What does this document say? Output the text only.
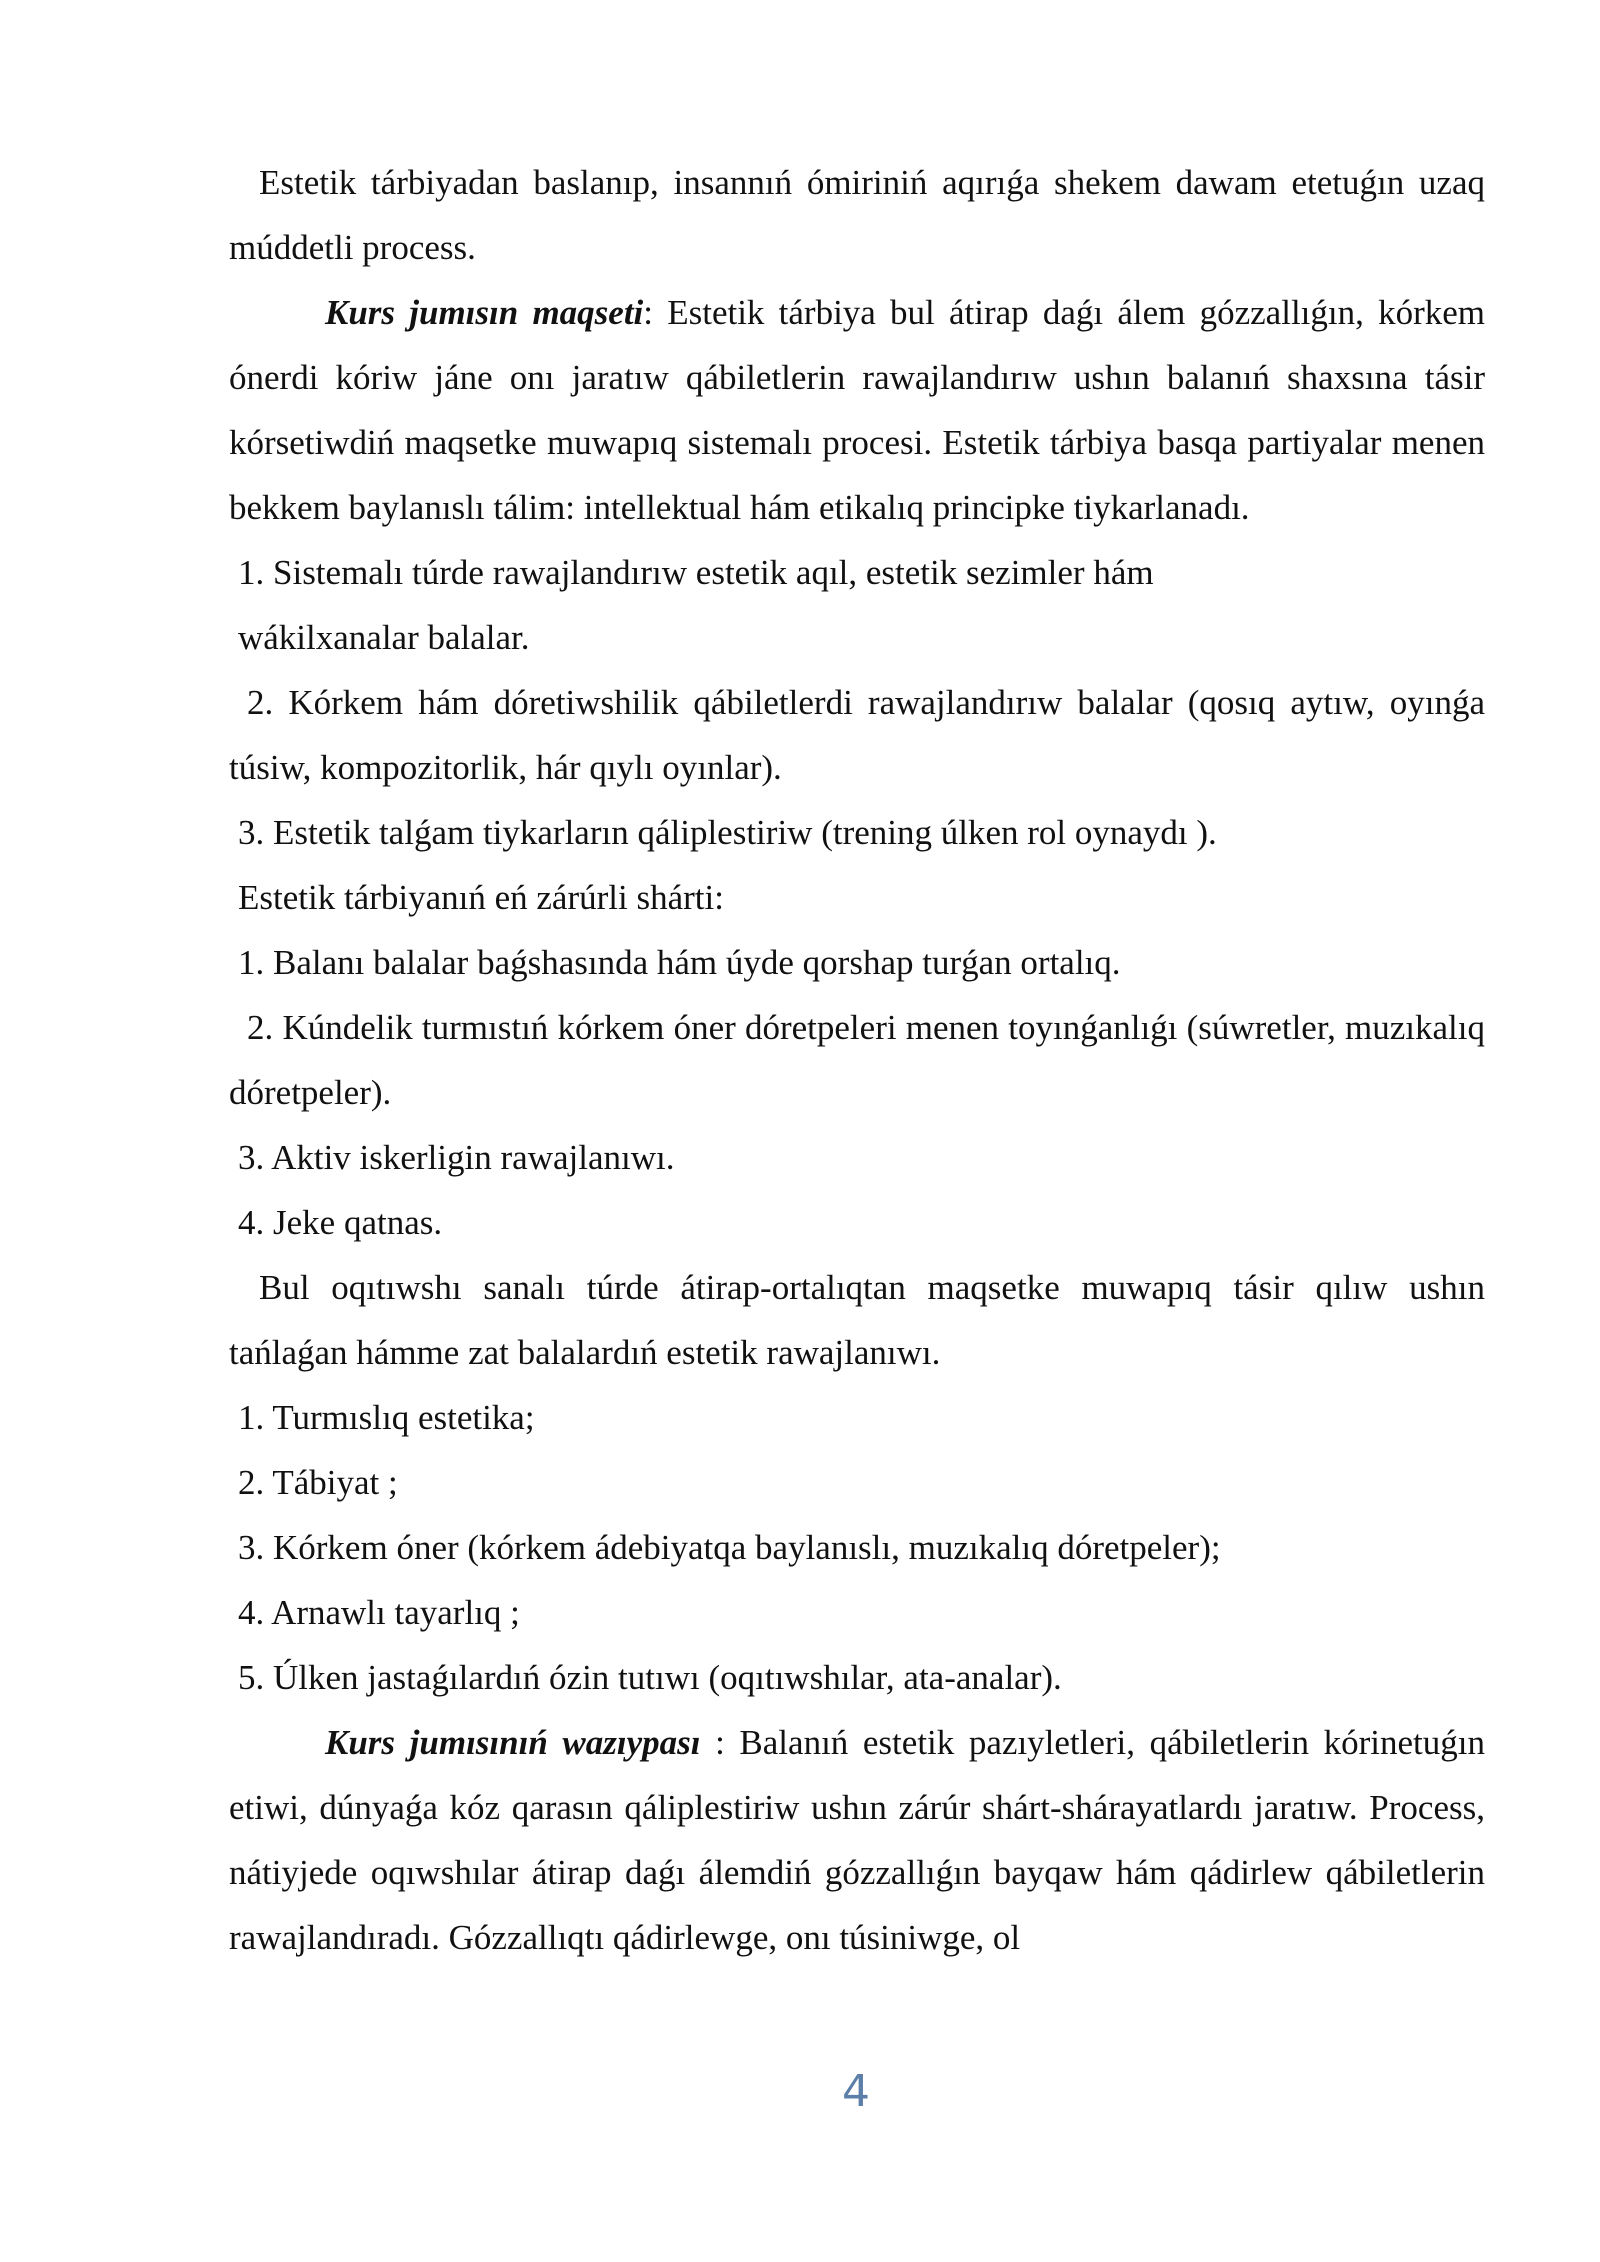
Estetik tárbiyadan baslanıp, insannıń ómiriniń aqırıǵa shekem dawam etetuǵın uzaq múddetli process.

Kurs jumısın maqseti: Estetik tárbiya bul átirap daǵı álem gózzallıǵın, kórkem ónerdi kóriw jáne onı jaratıw qábiletlerin rawajlandırıw ushın balanıń shaxsına tásir kórsetiwdiń maqsetke muwapıq sistemalı procesi. Estetik tárbiya basqa partiyalar menen bekkem baylanıslı tálim: intellektual hám etikalıq principke tiykarlanadı.

1. Sistemalı túrde rawajlandırıw estetik aqıl, estetik sezimler hám

wákilxanalar balalar.

2. Kórkem hám dóretiwshilik qábiletlerdi rawajlandırıw balalar (qosıq aytıw, oyınǵa túsiw, kompozitorlik, hár qıylı oyınlar).

3. Estetik talǵam tiykarların qáliplestiriw (trening úlken rol oynaydı ).

Estetik tárbiyanıń eń zárúrli shárti:

1. Balanı balalar baǵshasında hám úyde qorshap turǵan ortalıq.

2. Kúndelik turmıstıń kórkem óner dóretpeleri menen toyınǵanlıǵı (súwretler, muzıkalıq dóretpeler).

3. Aktiv iskerligin rawajlanıwı.

4. Jeke qatnas.

Bul oqıtıwshı sanalı túrde átirap-ortalıqtan maqsetke muwapıq tásir qılıw ushın tańlaǵan hámme zat balalardıń estetik rawajlanıwı.

1. Turmıslıq estetika;

2. Tábiyat ;

3. Kórkem óner (kórkem ádebiyatqa baylanıslı, muzıkalıq dóretpeler);

4. Arnawlı tayarlıq ;

5. Úlken jastaǵılardıń ózin tutıwı (oqıtıwshılar, ata-analar).

Kurs jumısınıń wazıypası : Balanıń estetik pazıyletleri, qábiletlerin kórinetuǵın etiwi, dúnyaǵa kóz qarasın qáliplestiriw ushın zárúr shárt-shárayatlardı jaratıw. Process, nátiyjede oqıwshılar átirap daǵı álemdiń gózzallıǵın bayqaw hám qádirlew qábiletlerin rawajlandıradı. Gózzallıqtı qádirlewge, onı túsiniwge, ol

4
